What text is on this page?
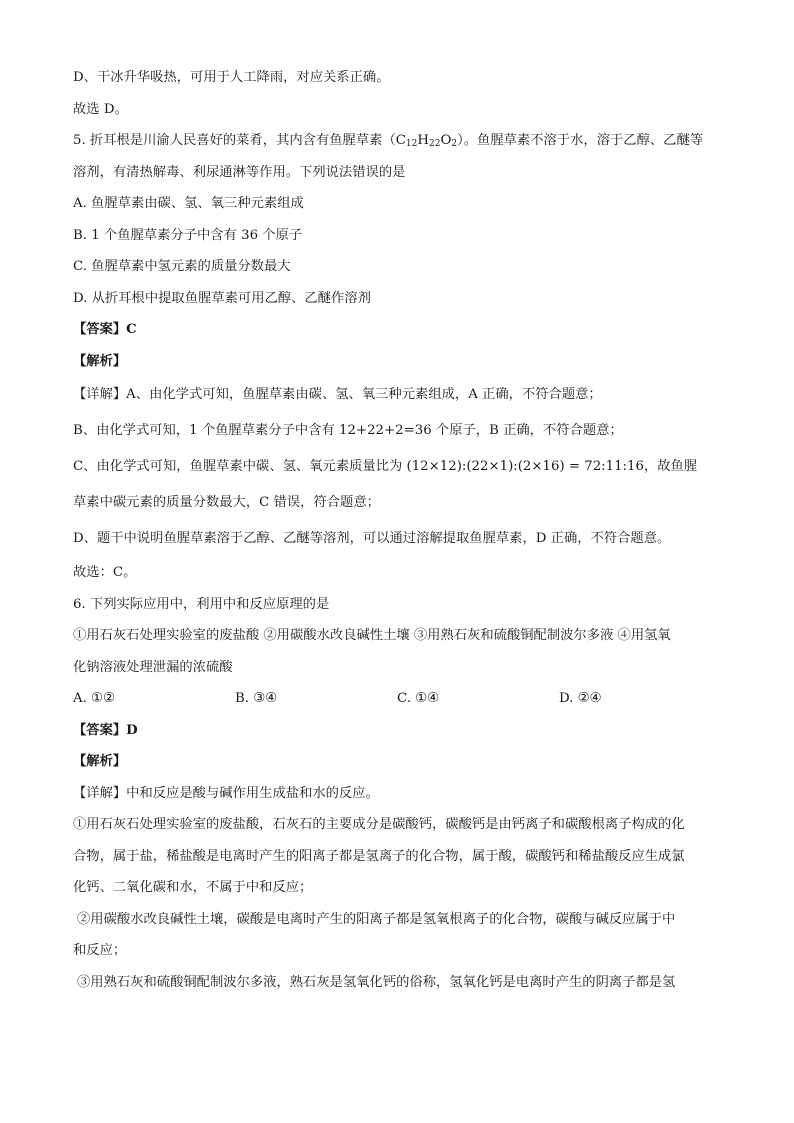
D、干冰升华吸热，可用于人工降雨，对应关系正确。
故选 D。
5. 折耳根是川渝人民喜好的菜肴，其内含有鱼腥草素$(C_{12}H_{22}O_2)$。鱼腥草素不溶于水，溶于乙醇、乙醚等
溶剂，有清热解毒、利尿通淋等作用。下列说法错误的是
A. 鱼腥草素由碳、氢、氧三种元素组成
B. 1 个鱼腥草素分子中含有 36 个原子
C. 鱼腥草素中氢元素的质量分数最大
D. 从折耳根中提取鱼腥草素可用乙醇、乙醚作溶剂
【答案】C
【解析】
【详解】A、由化学式可知，鱼腥草素由碳、氢、氧三种元素组成，A 正确，不符合题意；
B、由化学式可知，1 个鱼腥草素分子中含有 12+22+2=36 个原子，B 正确，不符合题意；
C、由化学式可知，鱼腥草素中碳、氢、氧元素质量比为 (12×12):(22×1):(2×16) = 72:11:16，故鱼腥
草素中碳元素的质量分数最大，C 错误，符合题意；
D、题干中说明鱼腥草素溶于乙醇、乙醚等溶剂，可以通过溶解提取鱼腥草素，D 正确，不符合题意。
故选：C。
6. 下列实际应用中，利用中和反应原理的是
①用石灰石处理实验室的废盐酸 ②用碳酸水改良碱性土壤 ③用熟石灰和硫酸铜配制波尔多液 ④用氢氧
化钠溶液处理泄漏的浓硫酸
A. ①②	B. ③④	C. ①④	D. ②④
【答案】D
【解析】
【详解】中和反应是酸与碱作用生成盐和水的反应。
①用石灰石处理实验室的废盐酸，石灰石的主要成分是碳酸钙，碳酸钙是由钙离子和碳酸根离子构成的化
合物，属于盐，稀盐酸是电离时产生的阳离子都是氢离子的化合物，属于酸，碳酸钙和稀盐酸反应生成氯
化钙、二氧化碳和水，不属于中和反应；
②用碳酸水改良碱性土壤，碳酸是电离时产生的阳离子都是氢氧根离子的化合物，碳酸与碱反应属于中
和反应；
③用熟石灰和硫酸铜配制波尔多液，熟石灰是氢氧化钙的俗称，氢氧化钙是电离时产生的阴离子都是氢
